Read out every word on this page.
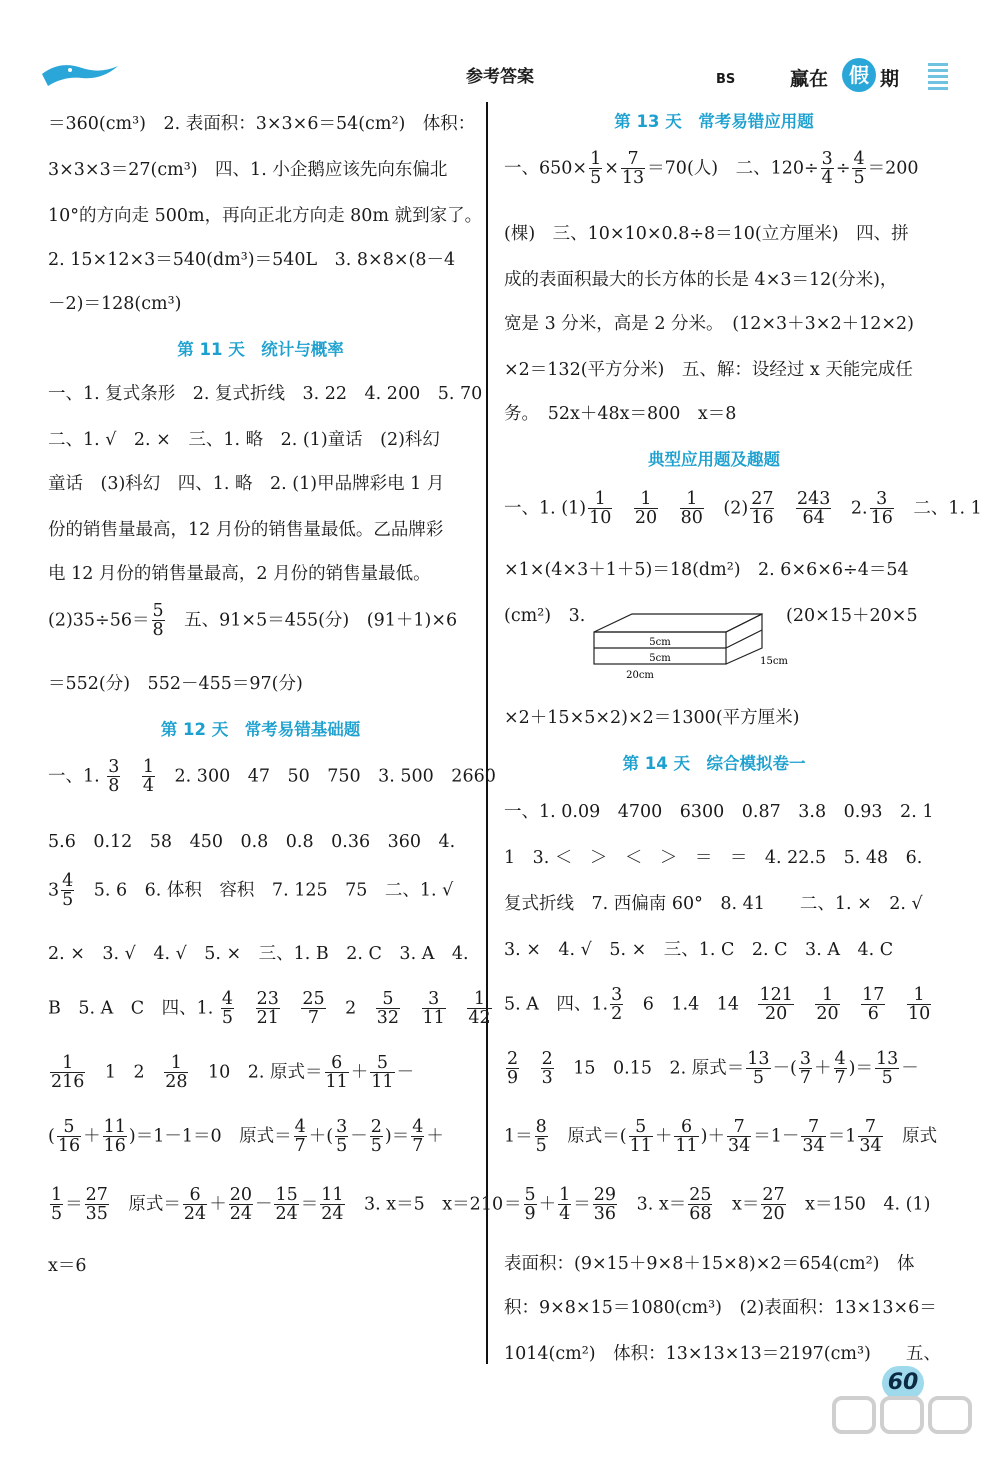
参考答案	BS	赢在	假 期
＝360(cm³)　2. 表面积：3×3×6＝54(cm²)　体积：
3×3×3＝27(cm³)　四、1. 小企鹅应该先向东偏北
10°的方向走 500m，再向正北方向走 80m 就到家了。
2. 15×12×3＝540(dm³)＝540L　3. 8×8×(8－4
－2)＝128(cm³)
第 11 天　统计与概率
一、1. 复式条形　2. 复式折线　3. 22　4. 200　5. 70
二、1. √　2. ×　三、1. 略　2. (1)童话　(2)科幻
童话　(3)科幻　四、1. 略　2. (1)甲品牌彩电 1 月
份的销售量最高，12 月份的销售量最低。乙品牌彩
电 12 月份的销售量最高，2 月份的销售量最低。
$(2)35\div 56= \frac{5}{8}$ 　五、91×5＝455(分)　(91＋1)×6
＝552(分)　552－455＝97(分)
第 12 天　常考易错基础题
一、1. $\frac{3}{8}$
　 $\frac{1}{4}$ 　2. 300　47　50　750　3. 500　2660
5.6　0.12　58　450　0.8　0.8　0.36　360　4.
$3 \frac{4}{5}$ 　5. 6　6. 体积　容积　7. 125　75　二、1. √
2. ×　3. √　4. √　5. ×　三、1. B　2. C　3. A　4.
B　5. A　C　四、1. $\frac{4}{5}$
　 $\frac{23}{21}$
　 $\frac{25}{7}$ 　2　 $\frac{5}{32}$
　 $\frac{3}{11}$
　 $\frac{1}{42}$
$\frac{1}{216}$
　 1　2　 $\frac{1}{28}$
　 10　2. 原式＝ $\frac{6}{11} + \frac{5}{11}$ －
( $\frac{5}{16} + \frac{11}{16} )=1-1=0$　原式＝ $\frac{4}{7}$ ＋( $\frac{3}{5} - \frac{2}{5}$ )＝ $\frac{4}{7}$ ＋
$\frac{1}{5} = \frac{27}{35}$
　 原式＝ $\frac{6}{24} + \frac{20}{24} - \frac{15}{24} = \frac{11}{24}$
　 3. x＝5　x＝210
x＝6
第 13 天　常考易错应用题
一、$650\times \frac{1}{5} \times \frac{7}{13} =70$(人)　二、$120\div \frac{3}{4} \div \frac{4}{5} =200$
(棵)　三、10×10×0.8÷8＝10(立方厘米)　四、拼
成的表面积最大的长方体的长是 4×3＝12(分米)，
宽是 3 分米，高是 2 分米。　(12×3＋3×2＋12×2)
×2＝132(平方分米)　五、解：设经过 x 天能完成任
务。　52x＋48x＝800　x＝8
典型应用题及趣题
一、1. $(1) \frac{1}{10}$
　 $\frac{1}{20}$
　 $\frac{1}{80}$
　 $(2) \frac{27}{16}$
　 $\frac{243}{64}$
　 2. $\frac{3}{16}$
　 二、1. 1
×1×(4×3＋1＋5)＝18(dm²)　2. 6×6×6÷4＝54
(cm²)　3.	(20×15＋20×5
5cm
5cm	15cm
20cm
×2＋15×5×2)×2＝1300(平方厘米)
第 14 天　综合模拟卷一
一、1. 0.09　4700　6300　0.87　3.8　0.93　2. 1
1　3. ＜　＞　＜　＞　＝　＝　4. 22.5　5. 48　6.
复式折线　7. 西偏南 60°　8. 41　　二、1. ×　2. √
3. ×　4. √　5. ×　三、1. C　2. C　3. A　4. C
5. A　四、1. $\frac{3}{2}$
　 6　1.4　14　 $\frac{121}{20}$
　 $\frac{1}{20}$
　 $\frac{17}{6}$
　 $\frac{1}{10}$
$\frac{2}{9}$
　 $\frac{2}{3}$
　 15　0.15　2. 原式＝ $\frac{13}{5}$ －( $\frac{3}{7} + \frac{4}{7}$ )＝ $\frac{13}{5}$ －
$1= \frac{8}{5}$
　 原式＝( $\frac{5}{11} + \frac{6}{11}$ )＋ $\frac{7}{34} =1- \frac{7}{34} =1 \frac{7}{34}$
　 原式
＝ $\frac{5}{9} + \frac{1}{4} = \frac{29}{36}$
　 3. $x= \frac{25}{68}$
　 $x= \frac{27}{20}$
　 x＝150　4. (1)
表面积：(9×15＋9×8＋15×8)×2＝654(cm²)　体
积：9×8×15＝1080(cm³)　(2)表面积：13×13×6＝
1014(cm²)　体积：13×13×13＝2197(cm³)　　五、
60
